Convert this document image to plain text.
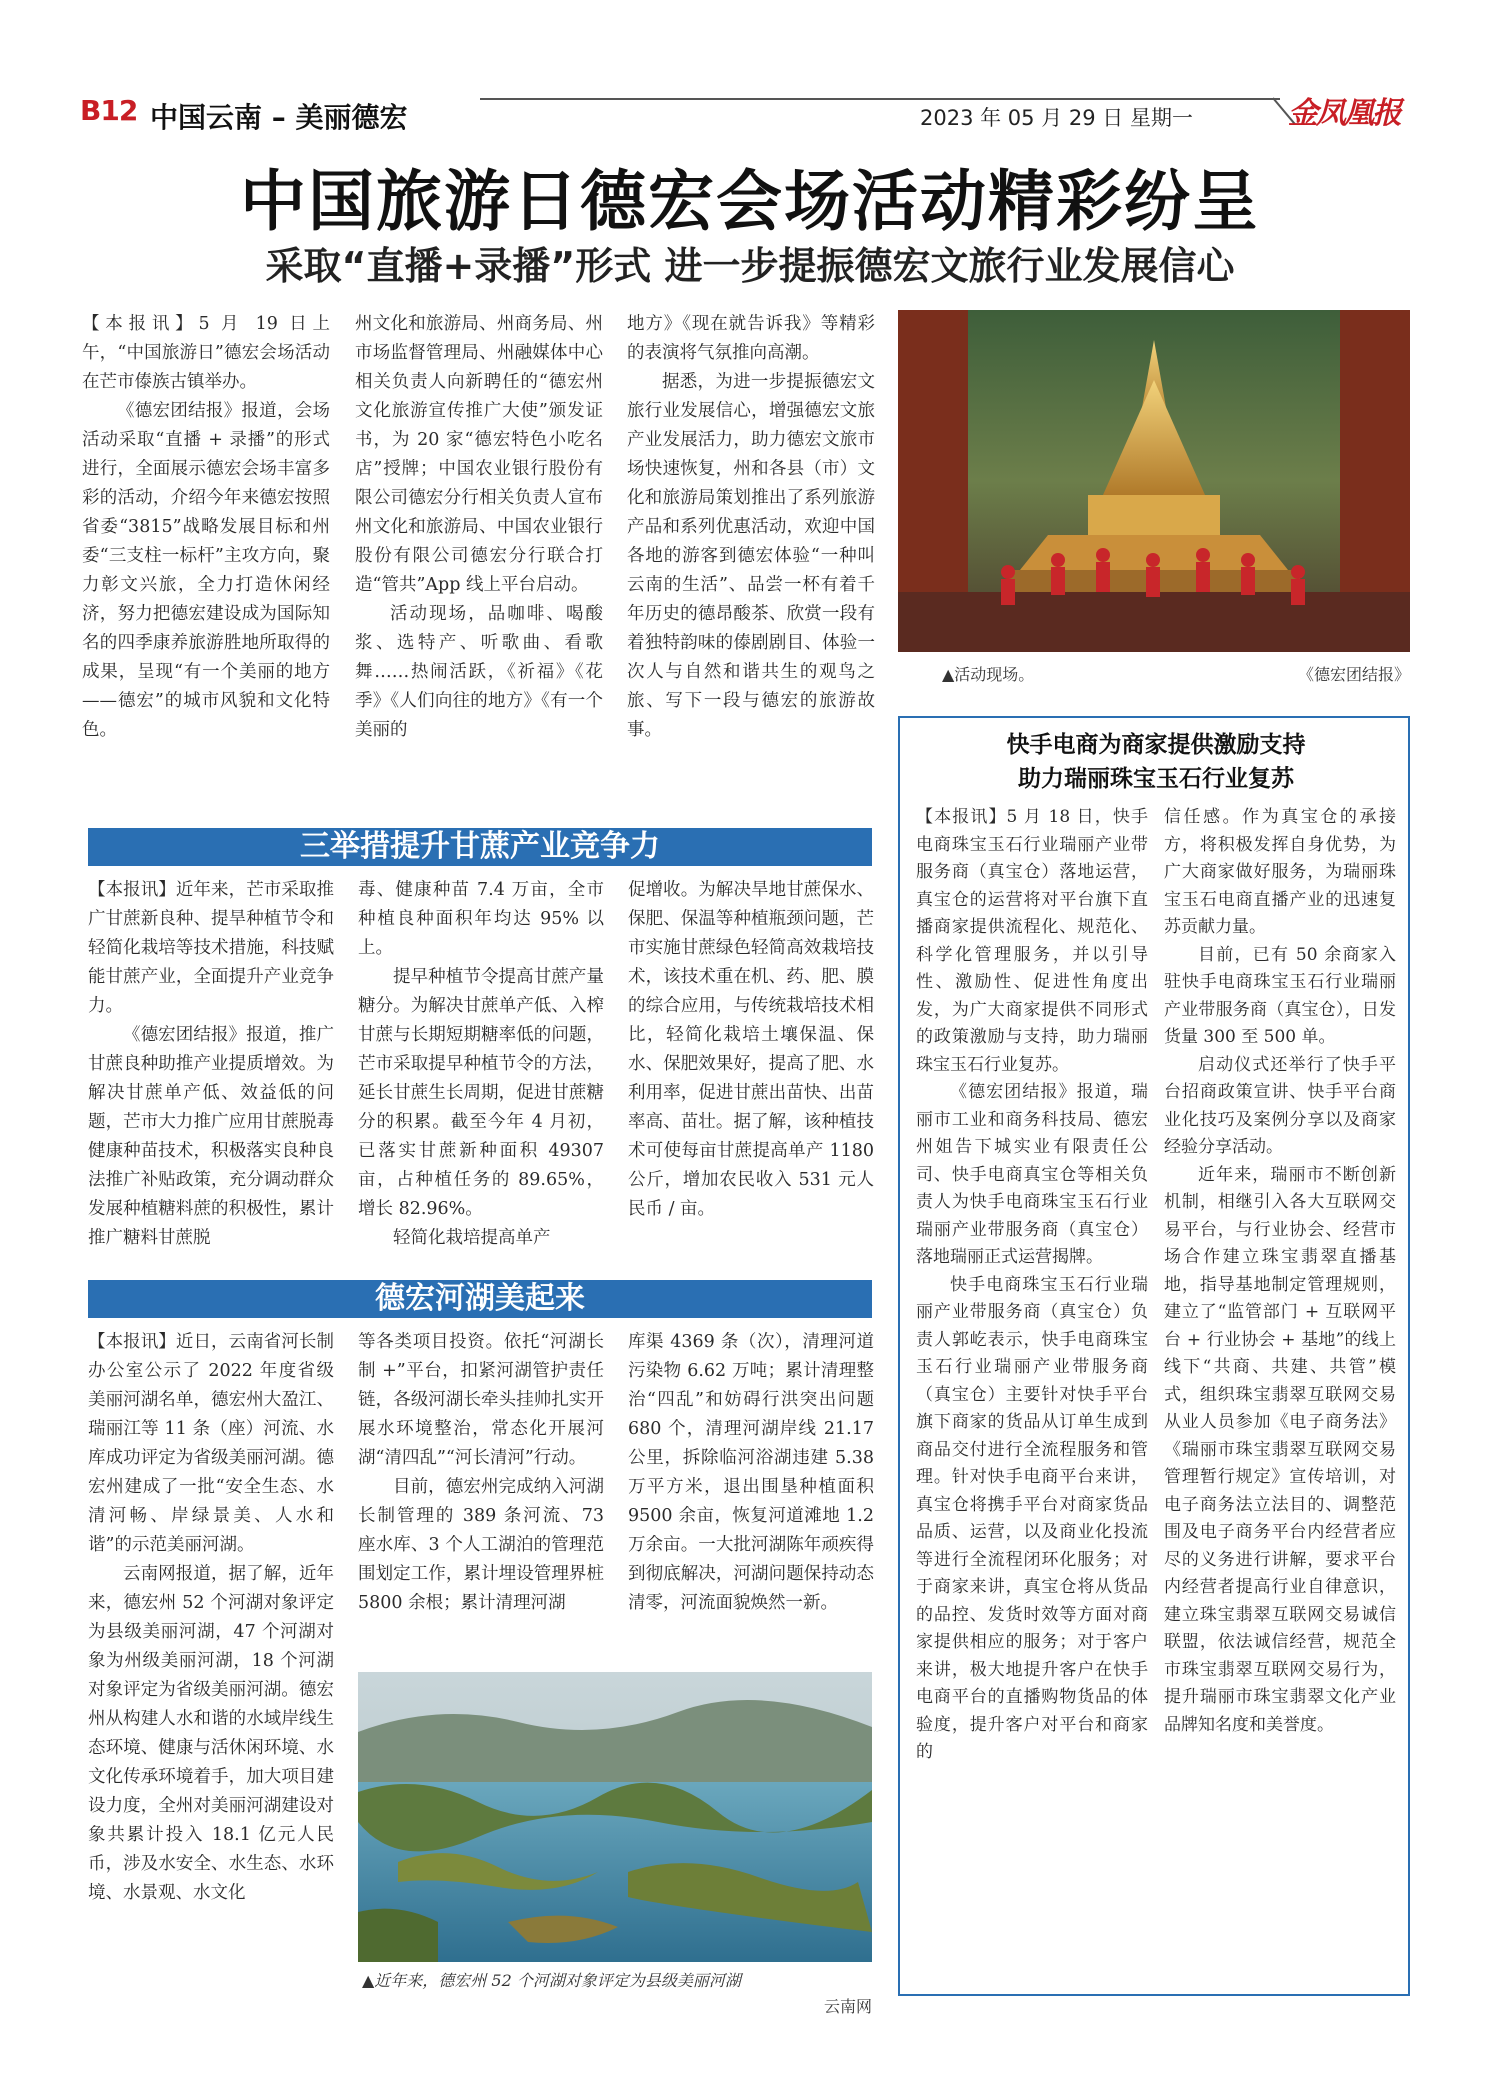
B12 中国云南 – 美丽德宏	2023 年 05 月 29 日 星期一	金凤凰报
中国旅游日德宏会场活动精彩纷呈
采取“直播+录播”形式 进一步提振德宏文旅行业发展信心

【本报讯】5 月 19 日上午，“中国旅游日”德宏会场活动在芒市傣族古镇举办。

《德宏团结报》报道，会场活动采取“直播 + 录播”的形式进行，全面展示德宏会场丰富多彩的活动，介绍今年来德宏按照省委“3815”战略发展目标和州委“三支柱一标杆”主攻方向，聚力彰文兴旅，全力打造休闲经济，努力把德宏建设成为国际知名的四季康养旅游胜地所取得的成果，呈现“有一个美丽的地方——德宏”的城市风貌和文化特色。

州文化和旅游局、州商务局、州市场监督管理局、州融媒体中心相关负责人向新聘任的“德宏州文化旅游宣传推广大使”颁发证书，为 20 家“德宏特色小吃名店”授牌；中国农业银行股份有限公司德宏分行相关负责人宣布州文化和旅游局、中国农业银行股份有限公司德宏分行联合打造“管共”App 线上平台启动。

活动现场，品咖啡、喝酸浆、选特产、听歌曲、看歌舞……热闹活跃，《祈福》《花季》《人们向往的地方》《有一个美丽的

地方》《现在就告诉我》等精彩的表演将气氛推向高潮。

据悉，为进一步提振德宏文旅行业发展信心，增强德宏文旅产业发展活力，助力德宏文旅市场快速恢复，州和各县（市）文化和旅游局策划推出了系列旅游产品和系列优惠活动，欢迎中国各地的游客到德宏体验“一种叫云南的生活”、品尝一杯有着千年历史的德昂酸茶、欣赏一段有着独特韵味的傣剧剧目、体验一次人与自然和谐共生的观鸟之旅、写下一段与德宏的旅游故事。

▲活动现场。	《德宏团结报》
三举措提升甘蔗产业竞争力

【本报讯】近年来，芒市采取推广甘蔗新良种、提旱种植节令和轻简化栽培等技术措施，科技赋能甘蔗产业，全面提升产业竞争力。

《德宏团结报》报道，推广甘蔗良种助推产业提质增效。为解决甘蔗单产低、效益低的问题，芒市大力推广应用甘蔗脱毒健康种苗技术，积极落实良种良法推广补贴政策，充分调动群众发展种植糖料蔗的积极性，累计推广糖料甘蔗脱

毒、健康种苗 7.4 万亩，全市种植良种面积年均达 95% 以上。

提早种植节令提高甘蔗产量糖分。为解决甘蔗单产低、入榨甘蔗与长期短期糖率低的问题，芒市采取提早种植节令的方法，延长甘蔗生长周期，促进甘蔗糖分的积累。截至今年 4 月初，已落实甘蔗新种面积 49307 亩，占种植任务的 89.65%，增长 82.96%。

轻简化栽培提高单产

促增收。为解决旱地甘蔗保水、保肥、保温等种植瓶颈问题，芒市实施甘蔗绿色轻简高效栽培技术，该技术重在机、药、肥、膜的综合应用，与传统栽培技术相比，轻简化栽培土壤保温、保水、保肥效果好，提高了肥、水利用率，促进甘蔗出苗快、出苗率高、苗壮。据了解，该种植技术可使每亩甘蔗提高单产 1180 公斤，增加农民收入 531 元人民币 / 亩。

德宏河湖美起来

【本报讯】近日，云南省河长制办公室公示了 2022 年度省级美丽河湖名单，德宏州大盈江、瑞丽江等 11 条（座）河流、水库成功评定为省级美丽河湖。德宏州建成了一批“安全生态、水清河畅、岸绿景美、人水和谐”的示范美丽河湖。

云南网报道，据了解，近年来，德宏州 52 个河湖对象评定为县级美丽河湖，47 个河湖对象为州级美丽河湖，18 个河湖对象评定为省级美丽河湖。德宏州从构建人水和谐的水域岸线生态环境、健康与活休闲环境、水文化传承环境着手，加大项目建设力度，全州对美丽河湖建设对象共累计投入 18.1 亿元人民币，涉及水安全、水生态、水环境、水景观、水文化

等各类项目投资。依托“河湖长制 +”平台，扣紧河湖管护责任链，各级河湖长牵头挂帅扎实开展水环境整治，常态化开展河湖“清四乱”“河长清河”行动。

目前，德宏州完成纳入河湖长制管理的 389 条河流、73 座水库、3 个人工湖泊的管理范围划定工作，累计埋设管理界桩 5800 余根；累计清理河湖

库渠 4369 条（次），清理河道污染物 6.62 万吨；累计清理整治“四乱”和妨碍行洪突出问题 680 个，清理河湖岸线 21.17 公里，拆除临河浴湖违建 5.38 万平方米，退出围垦种植面积 9500 余亩，恢复河道滩地 1.2 万余亩。一大批河湖陈年顽疾得到彻底解决，河湖问题保持动态清零，河流面貌焕然一新。

▲近年来，德宏州 52 个河湖对象评定为县级美丽河湖
云南网
快手电商为商家提供激励支持
助力瑞丽珠宝玉石行业复苏

【本报讯】5 月 18 日，快手电商珠宝玉石行业瑞丽产业带服务商（真宝仓）落地运营，真宝仓的运营将对平台旗下直播商家提供流程化、规范化、科学化管理服务，并以引导性、激励性、促进性角度出发，为广大商家提供不同形式的政策激励与支持，助力瑞丽珠宝玉石行业复苏。

《德宏团结报》报道，瑞丽市工业和商务科技局、德宏州姐告下城实业有限责任公司、快手电商真宝仓等相关负责人为快手电商珠宝玉石行业瑞丽产业带服务商（真宝仓）落地瑞丽正式运营揭牌。

快手电商珠宝玉石行业瑞丽产业带服务商（真宝仓）负责人郭屹表示，快手电商珠宝玉石行业瑞丽产业带服务商（真宝仓）主要针对快手平台旗下商家的货品从订单生成到商品交付进行全流程服务和管理。针对快手电商平台来讲，真宝仓将携手平台对商家货品品质、运营，以及商业化投流等进行全流程闭环化服务；对于商家来讲，真宝仓将从货品的品控、发货时效等方面对商家提供相应的服务；对于客户来讲，极大地提升客户在快手电商平台的直播购物货品的体验度，提升客户对平台和商家的

信任感。作为真宝仓的承接方，将积极发挥自身优势，为广大商家做好服务，为瑞丽珠宝玉石电商直播产业的迅速复苏贡献力量。

目前，已有 50 余商家入驻快手电商珠宝玉石行业瑞丽产业带服务商（真宝仓），日发货量 300 至 500 单。

启动仪式还举行了快手平台招商政策宣讲、快手平台商业化技巧及案例分享以及商家经验分享活动。

近年来，瑞丽市不断创新机制，相继引入各大互联网交易平台，与行业协会、经营市场合作建立珠宝翡翠直播基地，指导基地制定管理规则，建立了“监管部门 + 互联网平台 + 行业协会 + 基地”的线上线下“共商、共建、共管”模式，组织珠宝翡翠互联网交易从业人员参加《电子商务法》《瑞丽市珠宝翡翠互联网交易管理暂行规定》宣传培训，对电子商务法立法目的、调整范围及电子商务平台内经营者应尽的义务进行讲解，要求平台内经营者提高行业自律意识，建立珠宝翡翠互联网交易诚信联盟，依法诚信经营，规范全市珠宝翡翠互联网交易行为，提升瑞丽市珠宝翡翠文化产业品牌知名度和美誉度。
